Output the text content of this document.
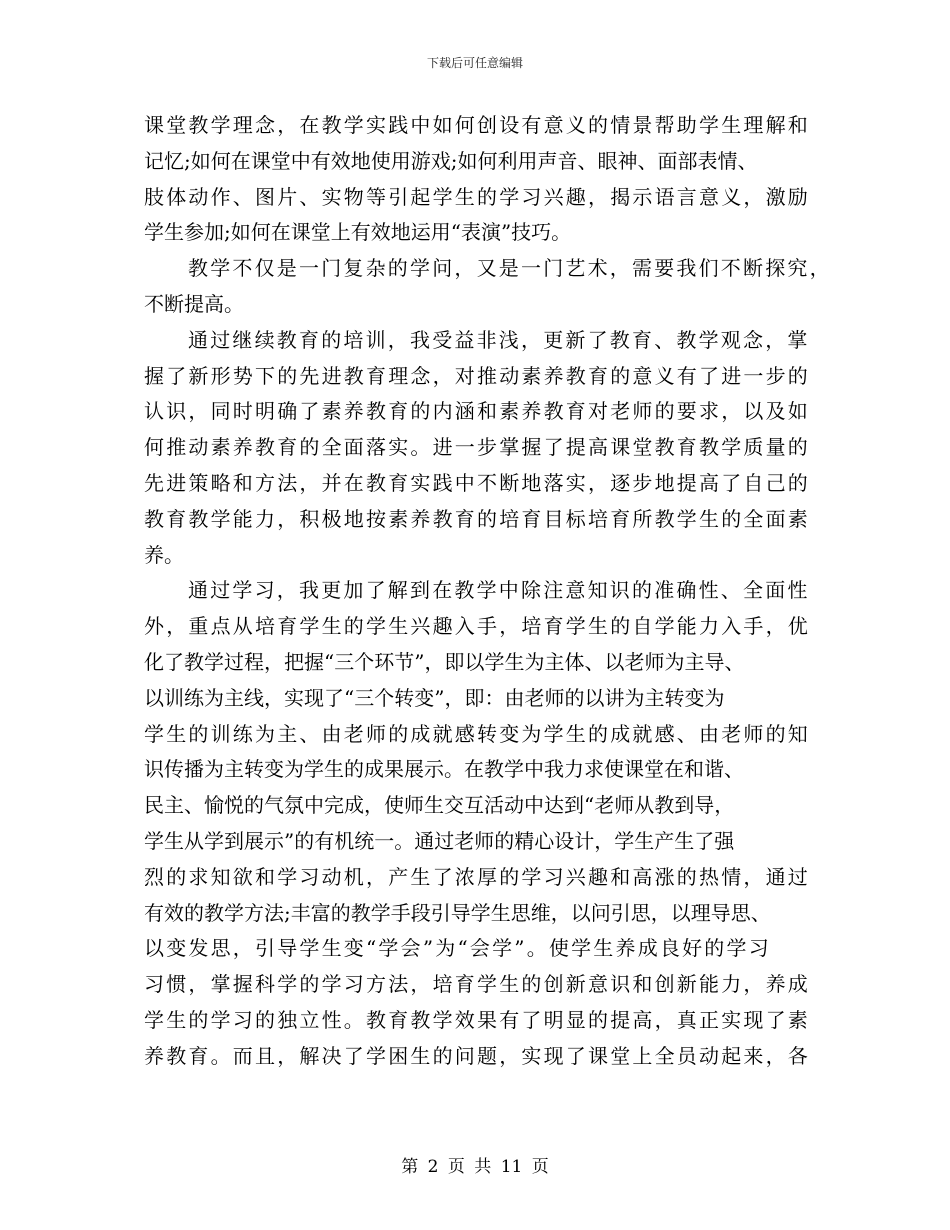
下载后可任意编辑
课堂教学理念，在教学实践中如何创设有意义的情景帮助学生理解和
记忆;如何在课堂中有效地使用游戏;如何利用声音、眼神、面部表情、
肢体动作、图片、实物等引起学生的学习兴趣，揭示语言意义，激励
学生参加;如何在课堂上有效地运用“表演”技巧。
教学不仅是一门复杂的学问，又是一门艺术，需要我们不断探究，
不断提高。
通过继续教育的培训，我受益非浅，更新了教育、教学观念，掌
握了新形势下的先进教育理念，对推动素养教育的意义有了进一步的
认识，同时明确了素养教育的内涵和素养教育对老师的要求，以及如
何推动素养教育的全面落实。进一步掌握了提高课堂教育教学质量的
先进策略和方法，并在教育实践中不断地落实，逐步地提高了自己的
教育教学能力，积极地按素养教育的培育目标培育所教学生的全面素
养。
通过学习，我更加了解到在教学中除注意知识的准确性、全面性
外，重点从培育学生的学生兴趣入手，培育学生的自学能力入手，优
化了教学过程，把握“三个环节”，即以学生为主体、以老师为主导、
以训练为主线，实现了“三个转变”，即：由老师的以讲为主转变为
学生的训练为主、由老师的成就感转变为学生的成就感、由老师的知
识传播为主转变为学生的成果展示。在教学中我力求使课堂在和谐、
民主、愉悦的气氛中完成，使师生交互活动中达到“老师从教到导，
学生从学到展示”的有机统一。通过老师的精心设计，学生产生了强
烈的求知欲和学习动机，产生了浓厚的学习兴趣和高涨的热情，通过
有效的教学方法;丰富的教学手段引导学生思维，以问引思，以理导思、
以变发思，引导学生变“学会”为“会学”。使学生养成良好的学习
习惯，掌握科学的学习方法，培育学生的创新意识和创新能力，养成
学生的学习的独立性。教育教学效果有了明显的提高，真正实现了素
养教育。而且，解决了学困生的问题，实现了课堂上全员动起来，各
第 2 页 共 11 页
